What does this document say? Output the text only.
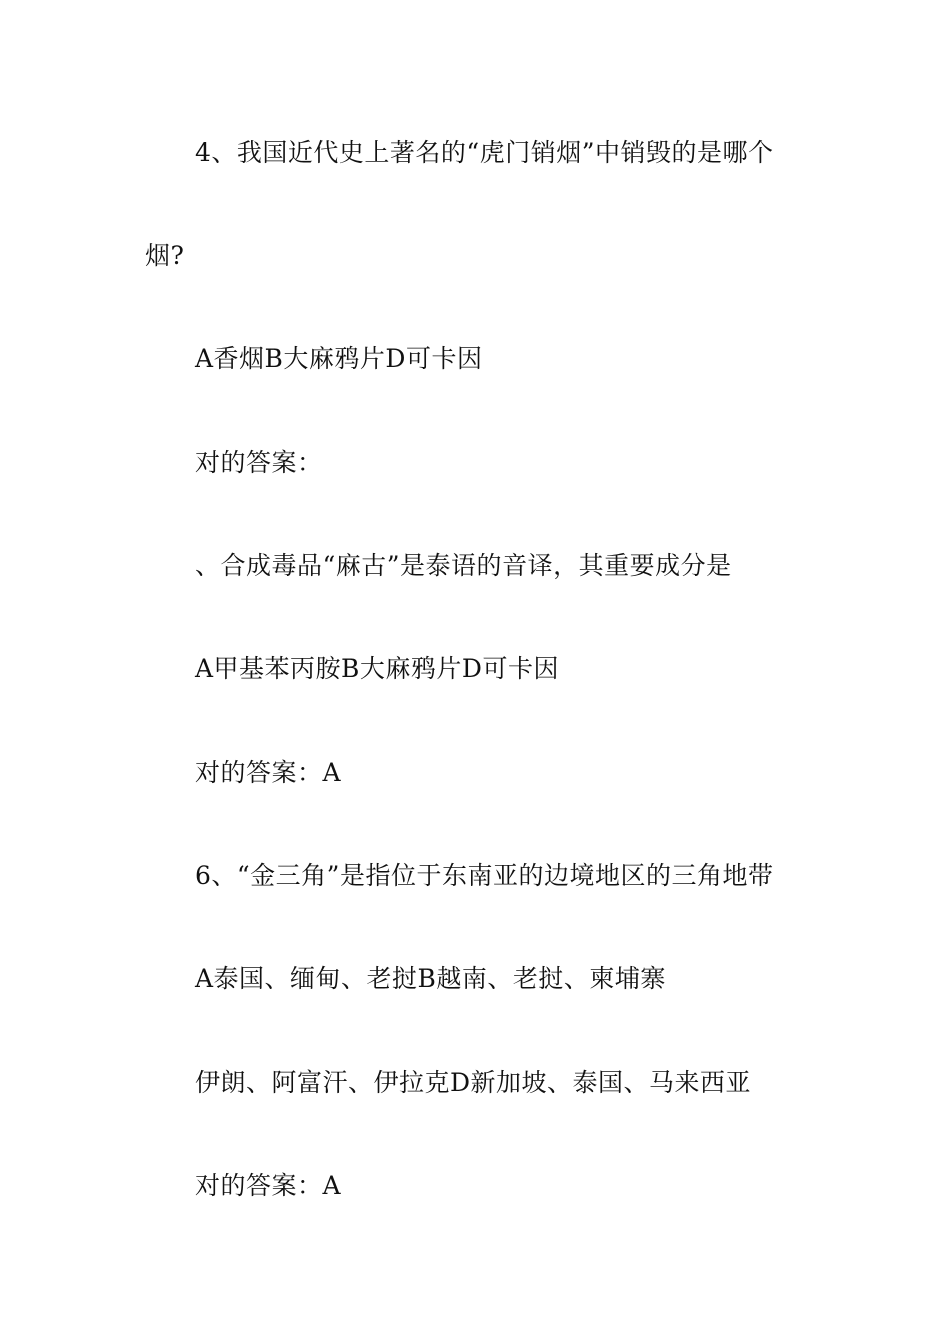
4、我国近代史上著名的“虎门销烟”中销毁的是哪个
烟?
A香烟B大麻鸦片D可卡因
对的答案：
、合成毒品“麻古”是泰语的音译，其重要成分是
A甲基苯丙胺B大麻鸦片D可卡因
对的答案：A
6、“金三角”是指位于东南亚的边境地区的三角地带
A泰国、缅甸、老挝B越南、老挝、柬埔寨
伊朗、阿富汗、伊拉克D新加坡、泰国、马来西亚
对的答案：A
